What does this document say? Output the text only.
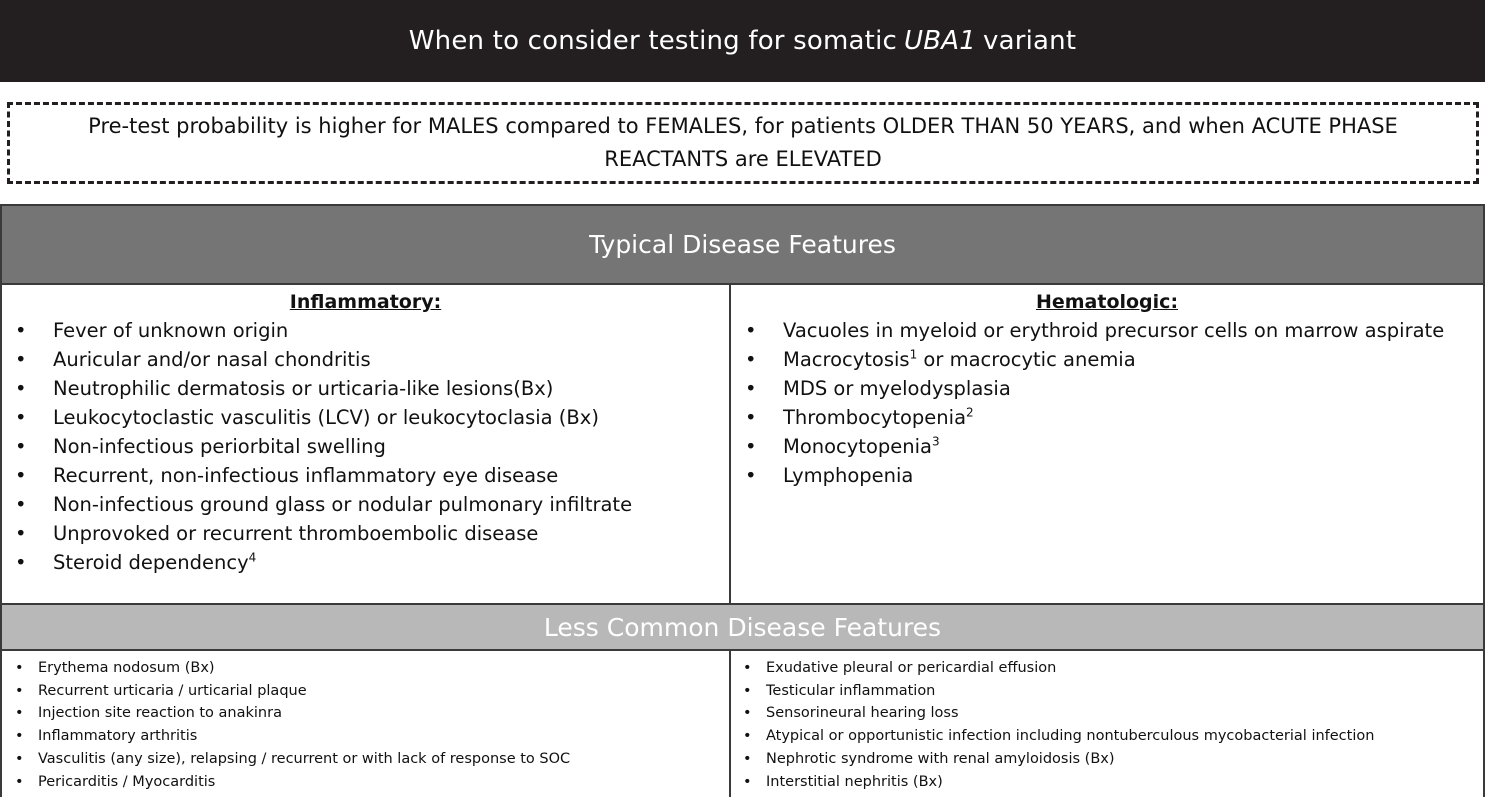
When to consider testing for somatic UBA1 variant
Pre-test probability is higher for MALES compared to FEMALES, for patients OLDER THAN 50 YEARS, and when ACUTE PHASE REACTANTS are ELEVATED
Typical Disease Features
Inflammatory:
• Fever of unknown origin
• Auricular and/or nasal chondritis
• Neutrophilic dermatosis or urticaria-like lesions(Bx)
• Leukocytoclastic vasculitis (LCV) or leukocytoclasia (Bx)
• Non-infectious periorbital swelling
• Recurrent, non-infectious inflammatory eye disease
• Non-infectious ground glass or nodular pulmonary infiltrate
• Unprovoked or recurrent thromboembolic disease
• Steroid dependency$^4$
Hematologic:
• Vacuoles in myeloid or erythroid precursor cells on marrow aspirate
• Macrocytosis$^1$ or macrocytic anemia
• MDS or myelodysplasia
• Thrombocytopenia$^2$
• Monocytopenia$^3$
• Lymphopenia
Less Common Disease Features
• Erythema nodosum (Bx)
• Recurrent urticaria / urticarial plaque
• Injection site reaction to anakinra
• Inflammatory arthritis
• Vasculitis (any size), relapsing / recurrent or with lack of response to SOC
• Pericarditis / Myocarditis
• Exudative pleural or pericardial effusion
• Testicular inflammation
• Sensorineural hearing loss
• Atypical or opportunistic infection including nontuberculous mycobacterial infection
• Nephrotic syndrome with renal amyloidosis (Bx)
• Interstitial nephritis (Bx)
